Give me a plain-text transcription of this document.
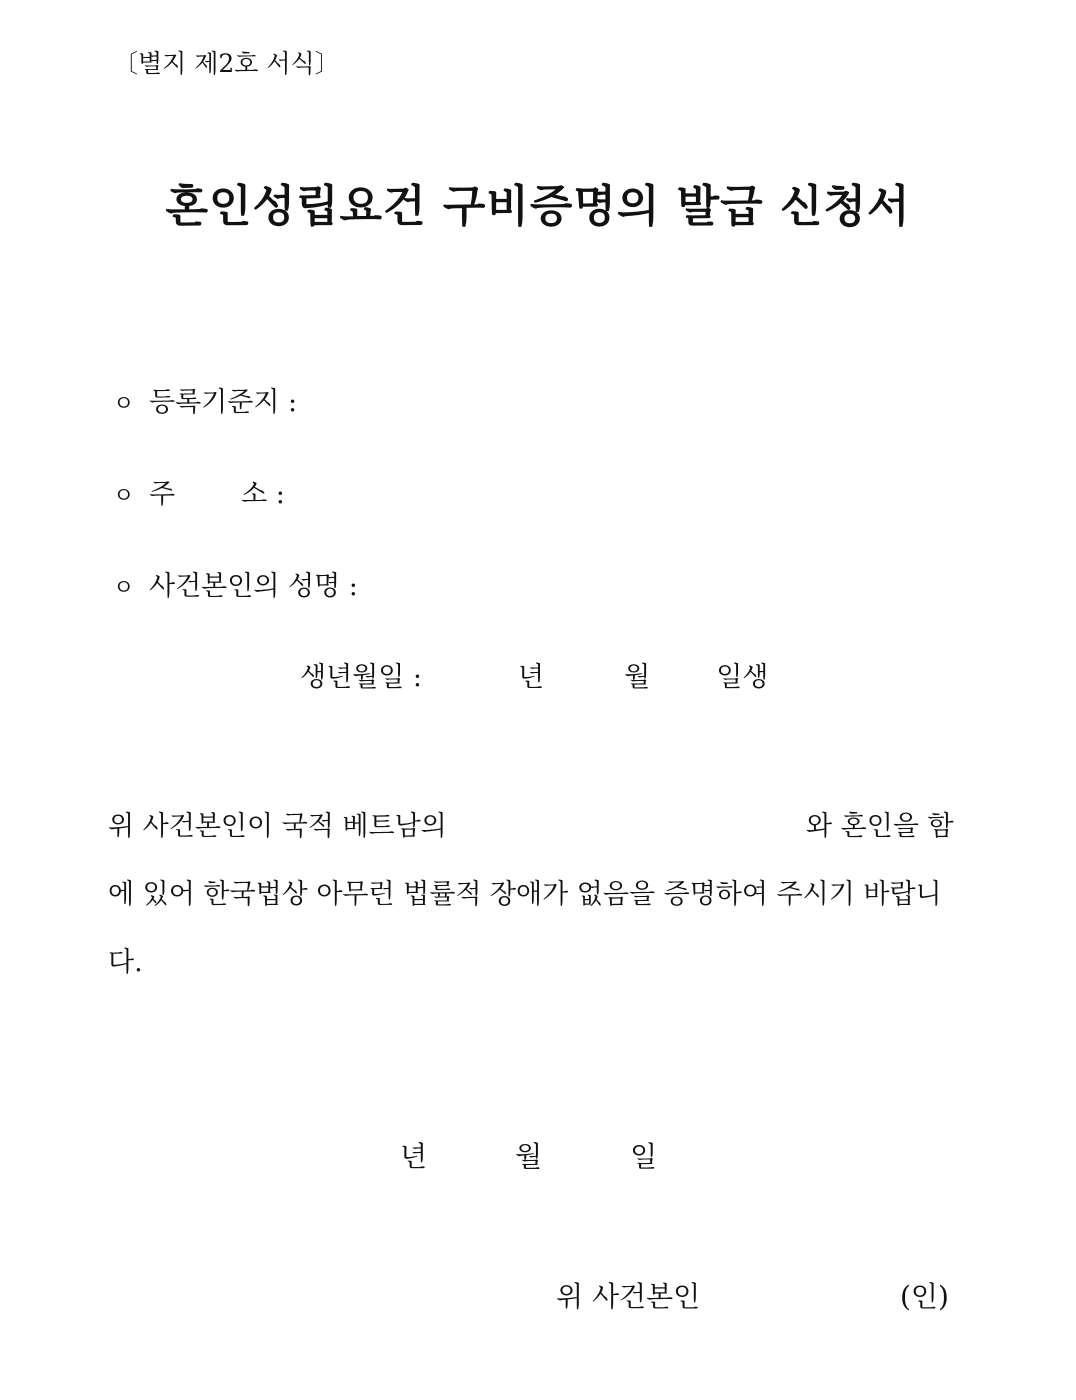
〔별지 제2호 서식〕
혼인성립요건 구비증명의 발급 신청서
ㅇ 등록기준지 :
ㅇ 주 소 :
ㅇ 사건본인의 성명 :
생년월일 :	년	월 일생
위 사건본인이 국적 베트남의	와 혼인을 함
에 있어 한국법상 아무런 법률적 장애가 없음을 증명하여 주시기 바랍니
다.
년	월	일
위 사건본인	(인)
